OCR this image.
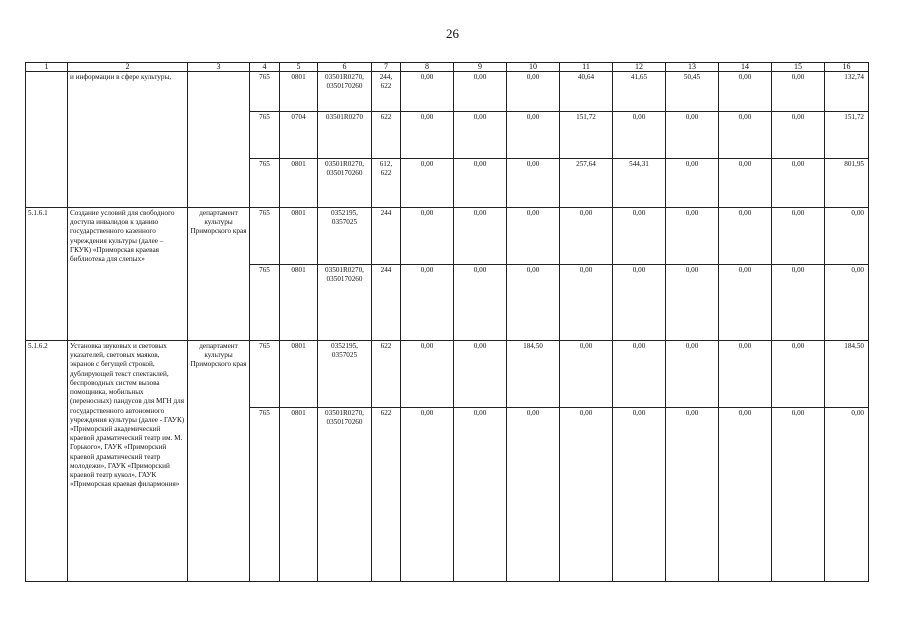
26
1	2	3	4	5	6	7	8	9	10	11	12	13	14	15	16
	и информации в сфере культуры,		765	0801	03501R0270, 0350170260	244, 622	0,00	0,00	0,00	40,64	41,65	50,45	0,00	0,00	132,74
			765	0704	03501R0270	622	0,00	0,00	0,00	151,72	0,00	0,00	0,00	0,00	151,72
			765	0801	03501R0270, 0350170260	612, 622	0,00	0,00	0,00	257,64	544,31	0,00	0,00	0,00	801,95
5.1.6.1	Создание условий для свободного доступа инвалидов к зданию государственного казенного учреждения культуры (далее – ГКУК) «Приморская краевая библиотека для слепых»	департамент культуры Приморского края	765	0801	0352195, 0357025	244	0,00	0,00	0,00	0,00	0,00	0,00	0,00	0,00	0,00
			765	0801	03501R0270, 0350170260	244	0,00	0,00	0,00	0,00	0,00	0,00	0,00	0,00	0,00
5.1.6.2	Установка звуковых и световых указателей, световых маяков, экранов с бегущей строкой, дублирующей текст спектаклей, беспроводных систем вызова помощника, мобильных (переносных) пандусов для МГН для государственного автономного учреждения культуры (далее - ГАУК) «Приморский академический краевой драматический театр им. М. Горького», ГАУК «Приморский краевой драматический театр молодежи», ГАУК «Приморский краевой театр кукол», ГАУК «Приморская краевая филармония»	департамент культуры Приморского края	765	0801	0352195, 0357025	622	0,00	0,00	184,50	0,00	0,00	0,00	0,00	0,00	184,50
			765	0801	03501R0270, 0350170260	622	0,00	0,00	0,00	0,00	0,00	0,00	0,00	0,00	0,00
